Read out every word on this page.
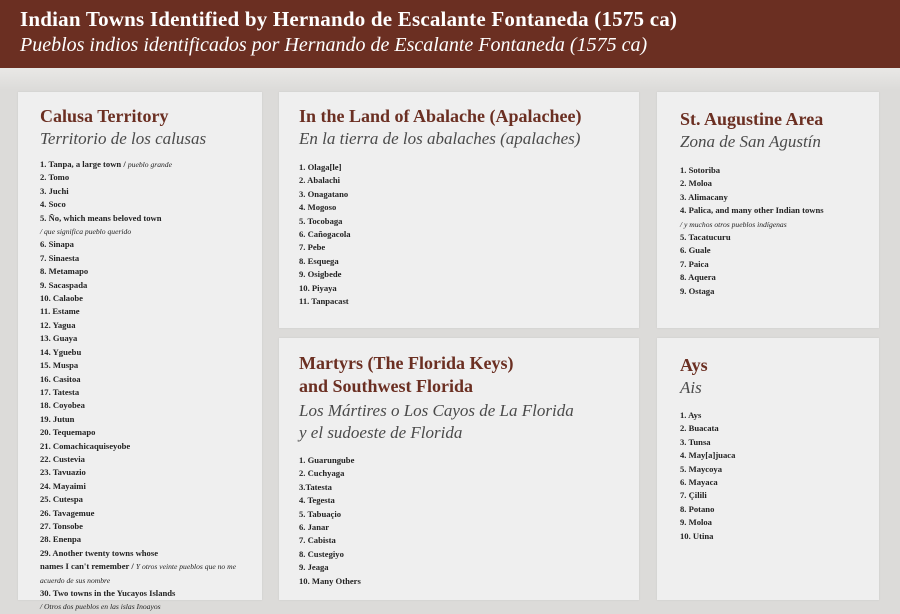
Indian Towns Identified by Hernando de Escalante Fontaneda (1575 ca)
Pueblos indios identificados por Hernando de Escalante Fontaneda (1575 ca)
Calusa Territory
Territorio de los calusas
1. Tanpa, a large town / pueblo grande
2. Tomo
3. Juchi
4. Soco
5. Ño, which means beloved town
/ que significa pueblo querido
6. Sinapa
7. Sinaesta
8. Metamapo
9. Sacaspada
10. Calaobe
11. Estame
12. Yagua
13. Guaya
14. Yguebu
15. Muspa
16. Casitoa
17. Tatesta
18. Coyobea
19. Jutun
20. Tequemapo
21. Comachicaquiseyobe
22. Custevia
23. Tavuazio
24. Mayaimi
25. Cutespa
26. Tavagemue
27. Tonsobe
28. Enenpa
29. Another twenty towns whose
names I can't remember / Y otros veinte pueblos que no me
acuerdo de sus nombre
30. Two towns in the Yucayos Islands
/ Otros dos pueblos en las islas Inoayos
In the Land of Abalache (Apalachee)
En la tierra de los abalaches (apalaches)
1. Olaga[le]
2. Abalachi
3. Onagatano
4. Mogoso
5. Tocobaga
6. Cañogacola
7. Pebe
8. Esquega
9. Osigbede
10. Piyaya
11. Tanpacast
St. Augustine Area
Zona de San Agustín
1. Sotoriba
2. Moloa
3. Alimacany
4. Palica, and many other Indian towns
/ y muchos otros pueblos indígenas
5. Tacatucuru
6. Guale
7. Paica
8. Aquera
9. Ostaga
Martyrs (The Florida Keys)
and Southwest Florida
Los Mártires o Los Cayos de La Florida
y el sudoeste de Florida
1. Guarungube
2. Cuchyaga
3.Tatesta
4. Tegesta
5. Tabuaçio
6. Janar
7. Cabista
8. Custegiyo
9. Jeaga
10. Many Others
Ays
Ais
1. Ays
2. Buacata
3. Tunsa
4. May[a]juaca
5. Maycoya
6. Mayaca
7. Çilili
8. Potano
9. Moloa
10. Utina
